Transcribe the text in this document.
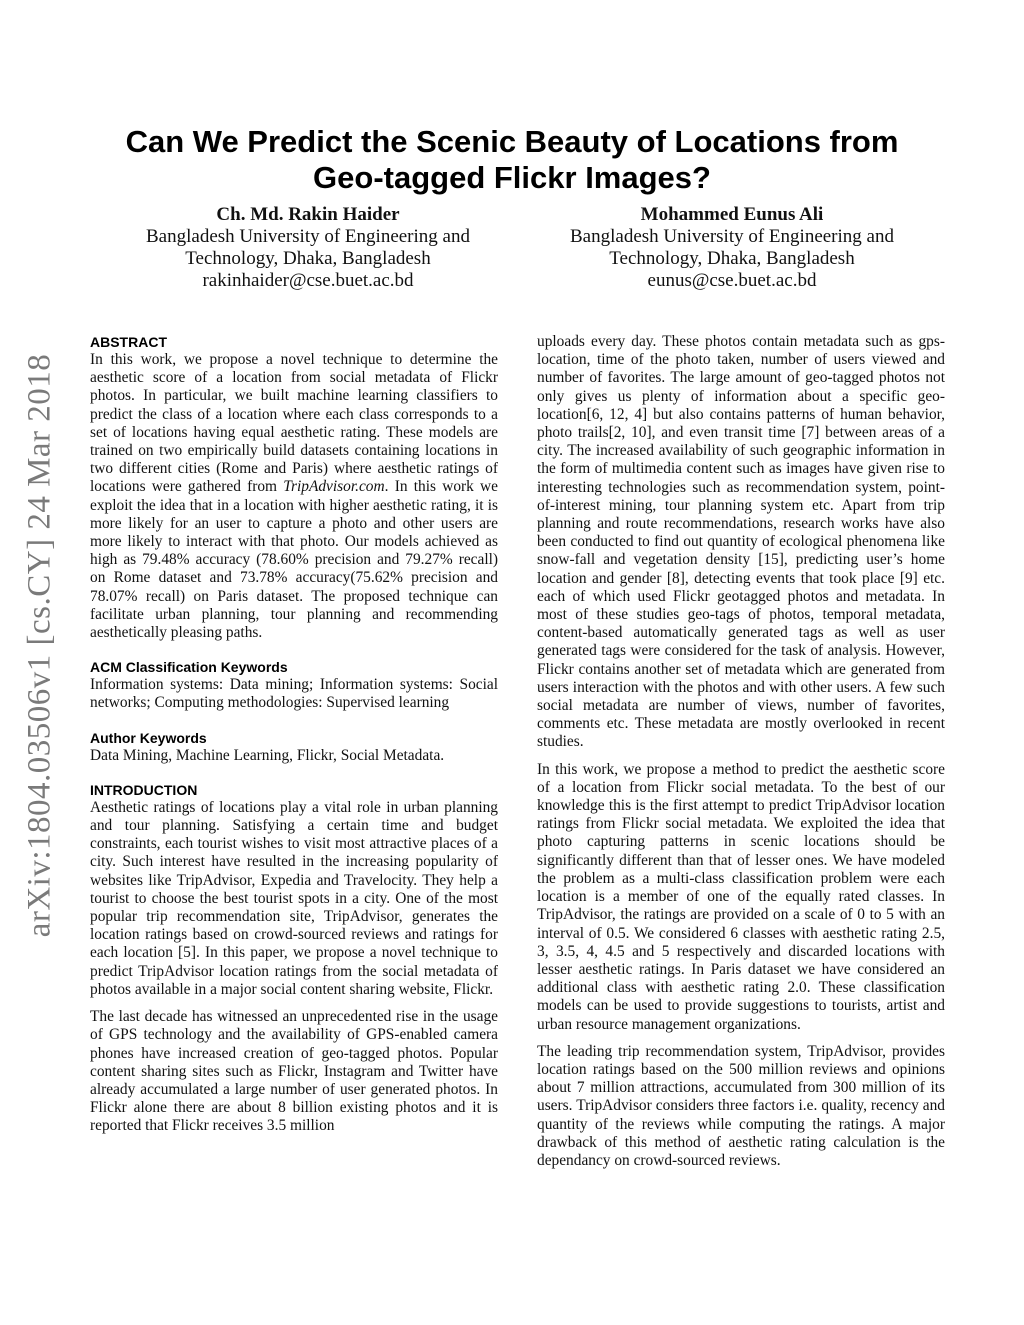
arXiv:1804.03506v1 [cs.CY] 24 Mar 2018
Can We Predict the Scenic Beauty of Locations from
Geo-tagged Flickr Images?
Ch. Md. Rakin Haider
Bangladesh University of Engineering and
Technology, Dhaka, Bangladesh
rakinhaider@cse.buet.ac.bd
Mohammed Eunus Ali
Bangladesh University of Engineering and
Technology, Dhaka, Bangladesh
eunus@cse.buet.ac.bd
ABSTRACT

In this work, we propose a novel technique to determine the aesthetic score of a location from social metadata of Flickr photos. In particular, we built machine learning classifiers to predict the class of a location where each class corresponds to a set of locations having equal aesthetic rating. These models are trained on two empirically build datasets containing locations in two different cities (Rome and Paris) where aesthetic ratings of locations were gathered from TripAdvisor.com. In this work we exploit the idea that in a location with higher aesthetic rating, it is more likely for an user to capture a photo and other users are more likely to interact with that photo. Our models achieved as high as 79.48% accuracy (78.60% precision and 79.27% recall) on Rome dataset and 73.78% accuracy(75.62% precision and 78.07% recall) on Paris dataset. The proposed technique can facilitate urban planning, tour planning and recommending aesthetically pleasing paths.

ACM Classification Keywords

Information systems: Data mining; Information systems: Social networks; Computing methodologies: Supervised learning

Author Keywords

Data Mining, Machine Learning, Flickr, Social Metadata.

INTRODUCTION

Aesthetic ratings of locations play a vital role in urban planning and tour planning. Satisfying a certain time and budget constraints, each tourist wishes to visit most attractive places of a city. Such interest have resulted in the increasing popularity of websites like TripAdvisor, Expedia and Travelocity. They help a tourist to choose the best tourist spots in a city. One of the most popular trip recommendation site, TripAdvisor, generates the location ratings based on crowd-sourced reviews and ratings for each location [5]. In this paper, we propose a novel technique to predict TripAdvisor location ratings from the social metadata of photos available in a major social content sharing website, Flickr.

The last decade has witnessed an unprecedented rise in the usage of GPS technology and the availability of GPS-enabled camera phones have increased creation of geo-tagged photos. Popular content sharing sites such as Flickr, Instagram and Twitter have already accumulated a large number of user generated photos. In Flickr alone there are about 8 billion existing photos and it is reported that Flickr receives 3.5 million

uploads every day. These photos contain metadata such as gps-location, time of the photo taken, number of users viewed and number of favorites. The large amount of geo-tagged photos not only gives us plenty of information about a specific geo-location[6, 12, 4] but also contains patterns of human behavior, photo trails[2, 10], and even transit time [7] between areas of a city. The increased availability of such geographic information in the form of multimedia content such as images have given rise to interesting technologies such as recommendation system, point-of-interest mining, tour planning system etc. Apart from trip planning and route recommendations, research works have also been conducted to find out quantity of ecological phenomena like snow-fall and vegetation density [15], predicting user’s home location and gender [8], detecting events that took place [9] etc. each of which used Flickr geotagged photos and metadata. In most of these studies geo-tags of photos, temporal metadata, content-based automatically generated tags as well as user generated tags were considered for the task of analysis. However, Flickr contains another set of metadata which are generated from users interaction with the photos and with other users. A few such social metadata are number of views, number of favorites, comments etc. These metadata are mostly overlooked in recent studies.

In this work, we propose a method to predict the aesthetic score of a location from Flickr social metadata. To the best of our knowledge this is the first attempt to predict TripAdvisor location ratings from Flickr social metadata. We exploited the idea that photo capturing patterns in scenic locations should be significantly different than that of lesser ones. We have modeled the problem as a multi-class classification problem were each location is a member of one of the equally rated classes. In TripAdvisor, the ratings are provided on a scale of 0 to 5 with an interval of 0.5. We considered 6 classes with aesthetic rating 2.5, 3, 3.5, 4, 4.5 and 5 respectively and discarded locations with lesser aesthetic ratings. In Paris dataset we have considered an additional class with aesthetic rating 2.0. These classification models can be used to provide suggestions to tourists, artist and urban resource management organizations.

The leading trip recommendation system, TripAdvisor, provides location ratings based on the 500 million reviews and opinions about 7 million attractions, accumulated from 300 million of its users. TripAdvisor considers three factors i.e. quality, recency and quantity of the reviews while computing the ratings. A major drawback of this method of aesthetic rating calculation is the dependancy on crowd-sourced reviews.
